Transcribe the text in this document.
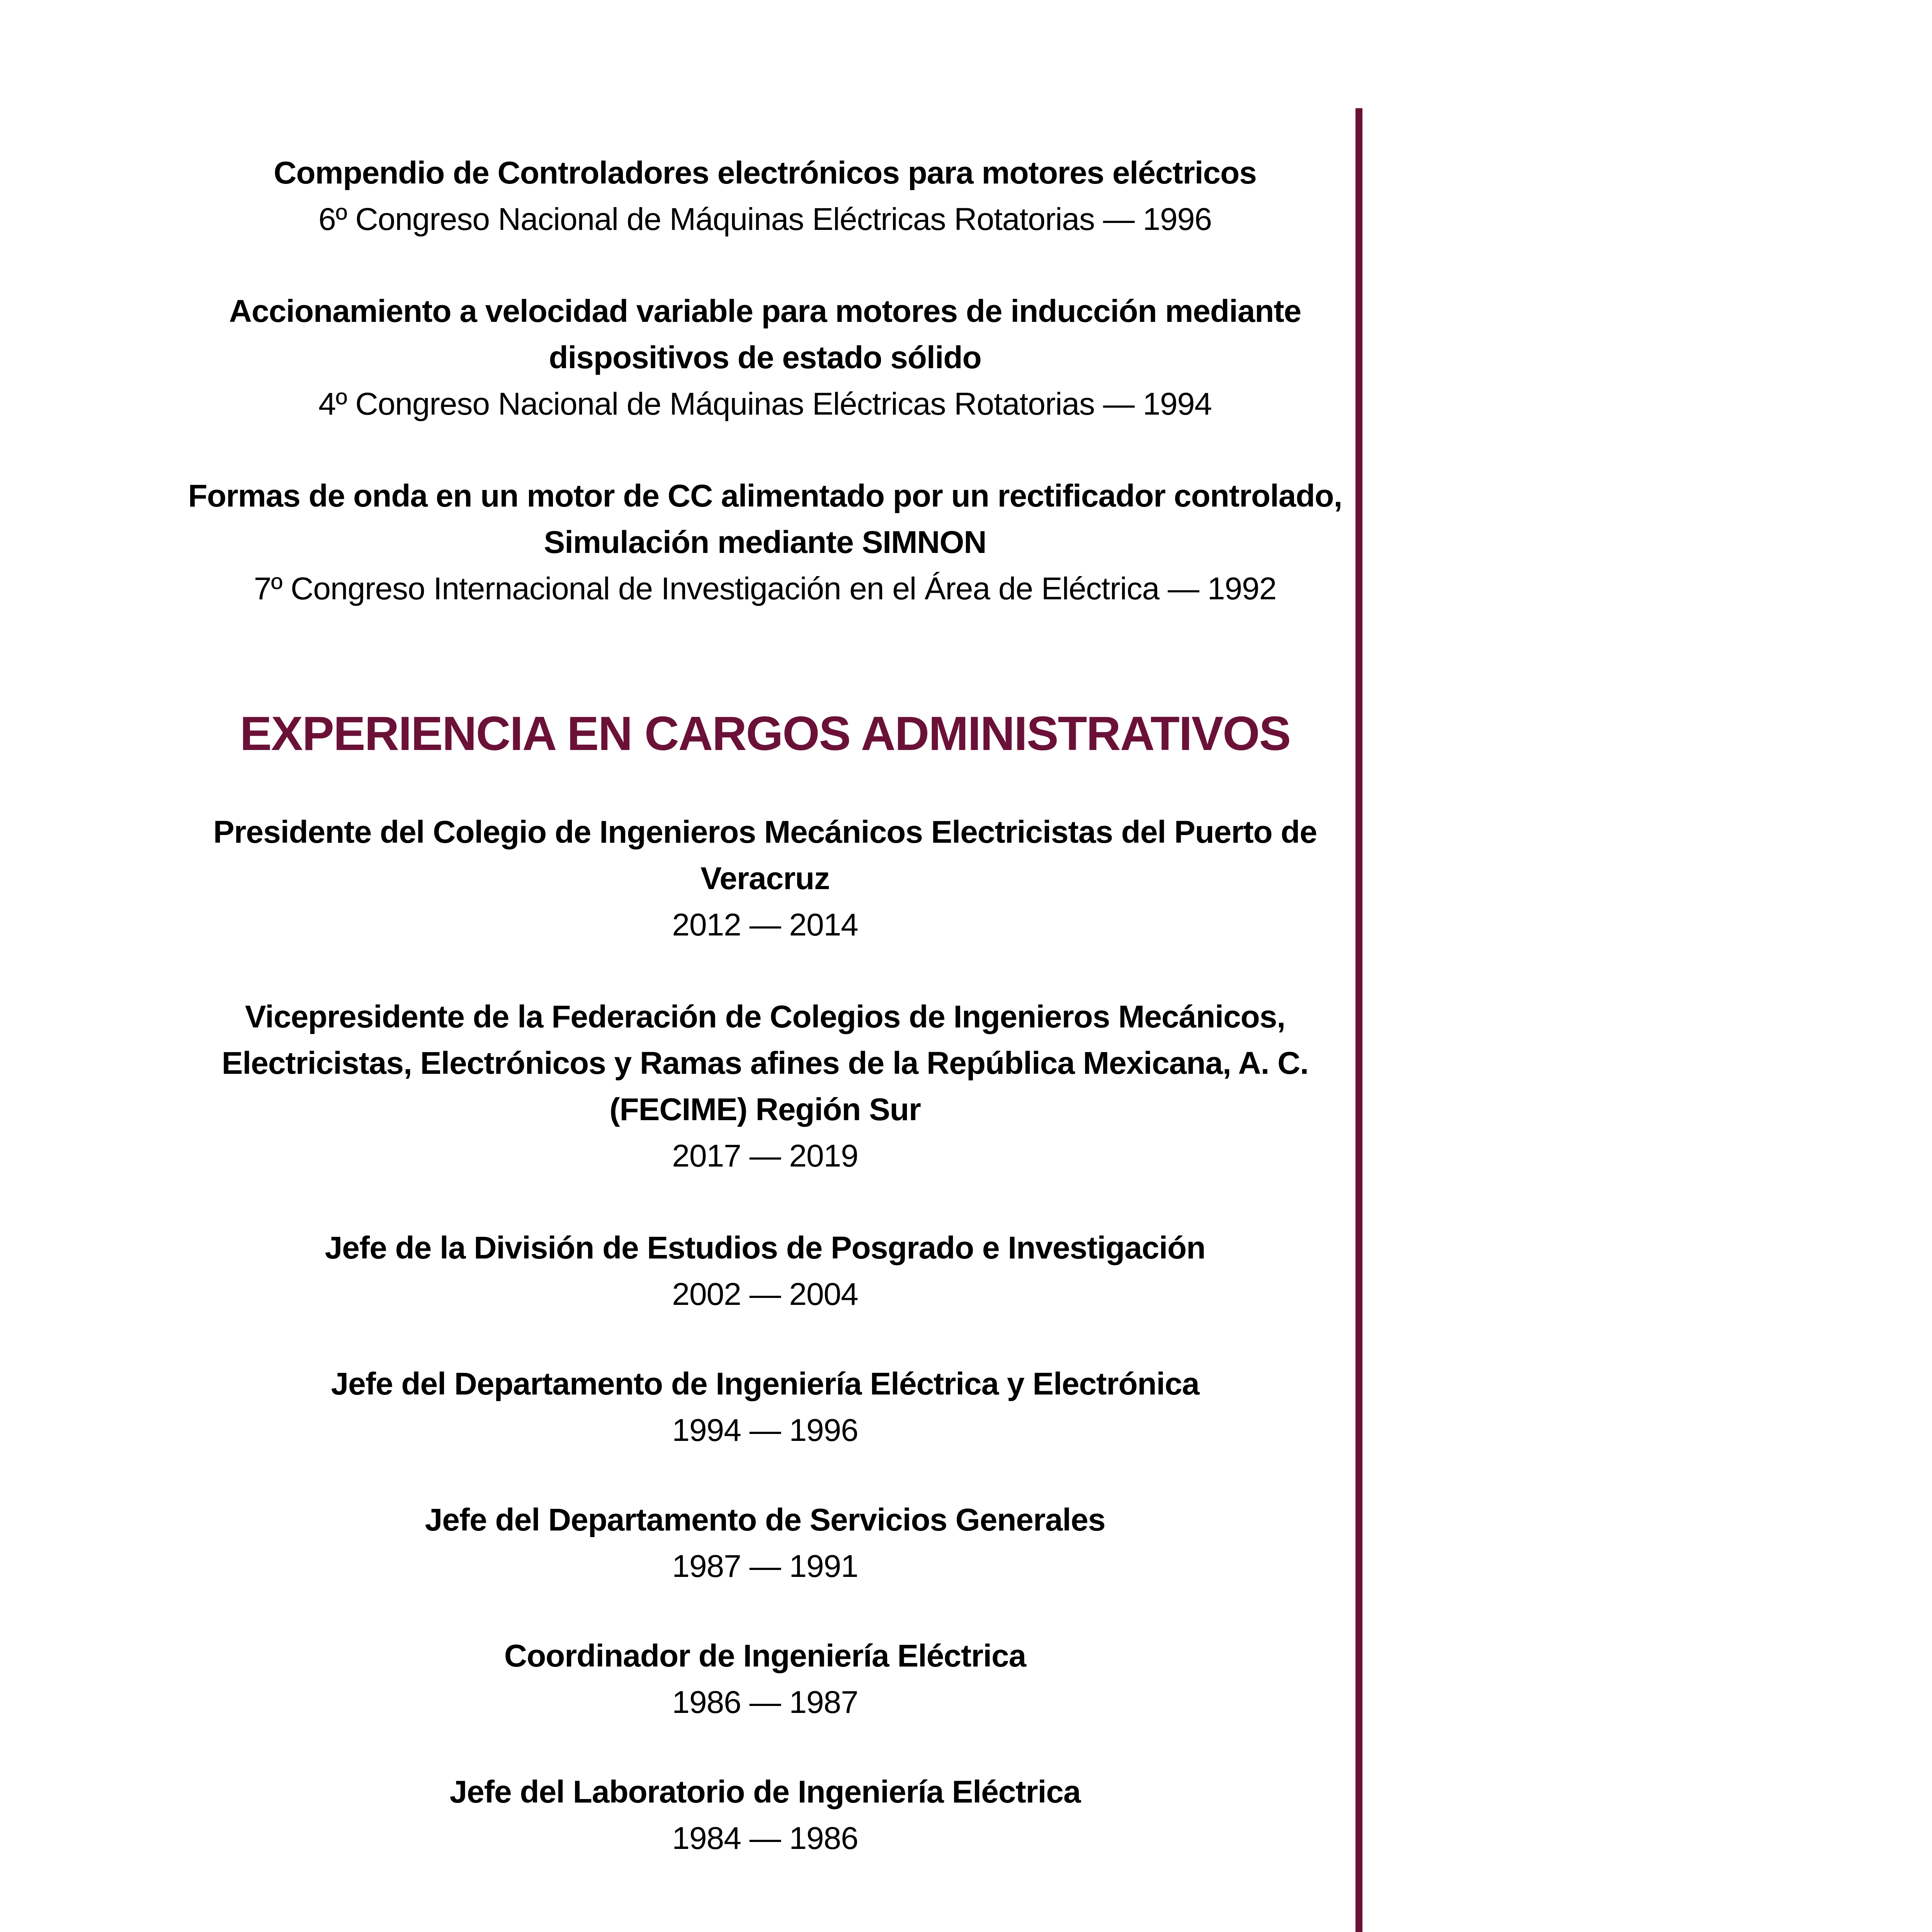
Compendio de Controladores electrónicos para motores eléctricos

6º Congreso Nacional de Máquinas Eléctricas Rotatorias — 1996

Accionamiento a velocidad variable para motores de inducción mediante

dispositivos de estado sólido

4º Congreso Nacional de Máquinas Eléctricas Rotatorias — 1994

Formas de onda en un motor de CC alimentado por un rectificador controlado,

Simulación mediante SIMNON

7º Congreso Internacional de Investigación en el Área de Eléctrica — 1992

EXPERIENCIA EN CARGOS ADMINISTRATIVOS

Presidente del Colegio de Ingenieros Mecánicos Electricistas del Puerto de

Veracruz

2012 — 2014

Vicepresidente de la Federación de Colegios de Ingenieros Mecánicos,

Electricistas, Electrónicos y Ramas afines de la República Mexicana, A. C.

(FECIME) Región Sur

2017 — 2019

Jefe de la División de Estudios de Posgrado e Investigación

2002 — 2004

Jefe del Departamento de Ingeniería Eléctrica y Electrónica

1994 — 1996

Jefe del Departamento de Servicios Generales

1987 — 1991

Coordinador de Ingeniería Eléctrica

1986 — 1987

Jefe del Laboratorio de Ingeniería Eléctrica

1984 — 1986
